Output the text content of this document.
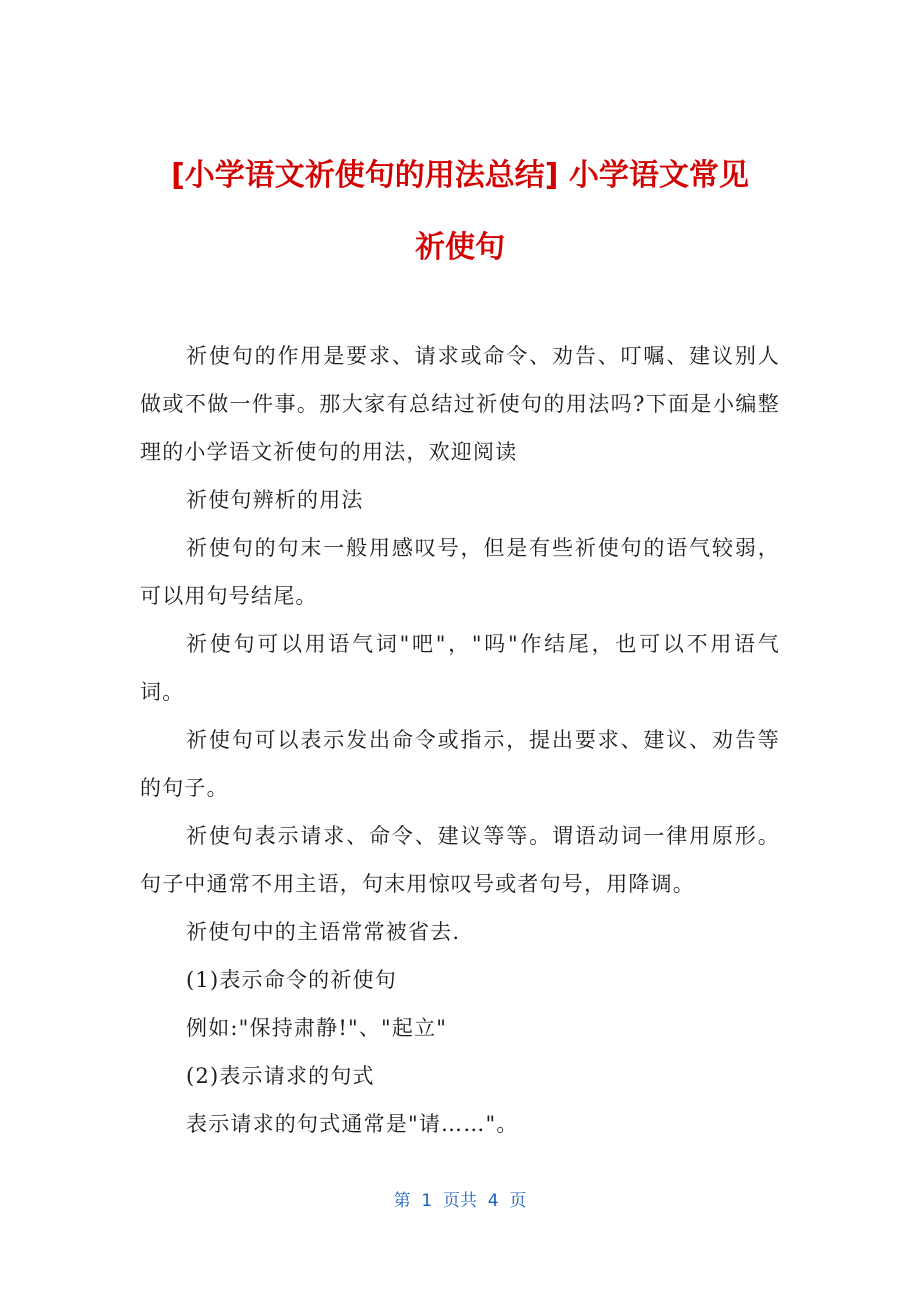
[小学语文祈使句的用法总结] 小学语文常见
祈使句

祈使句的作用是要求、请求或命令、劝告、叮嘱、建议别人做或不做一件事。那大家有总结过祈使句的用法吗?下面是小编整理的小学语文祈使句的用法，欢迎阅读

祈使句辨析的用法

祈使句的句末一般用感叹号，但是有些祈使句的语气较弱，可以用句号结尾。

祈使句可以用语气词"吧"，"吗"作结尾，也可以不用语气词。

祈使句可以表示发出命令或指示，提出要求、建议、劝告等的句子。

祈使句表示请求、命令、建议等等。谓语动词一律用原形。句子中通常不用主语，句末用惊叹号或者句号，用降调。

祈使句中的主语常常被省去.

(1)表示命令的祈使句

例如:"保持肃静!"、"起立"

(2)表示请求的句式

表示请求的句式通常是"请……"。

第  1  页共  4  页
